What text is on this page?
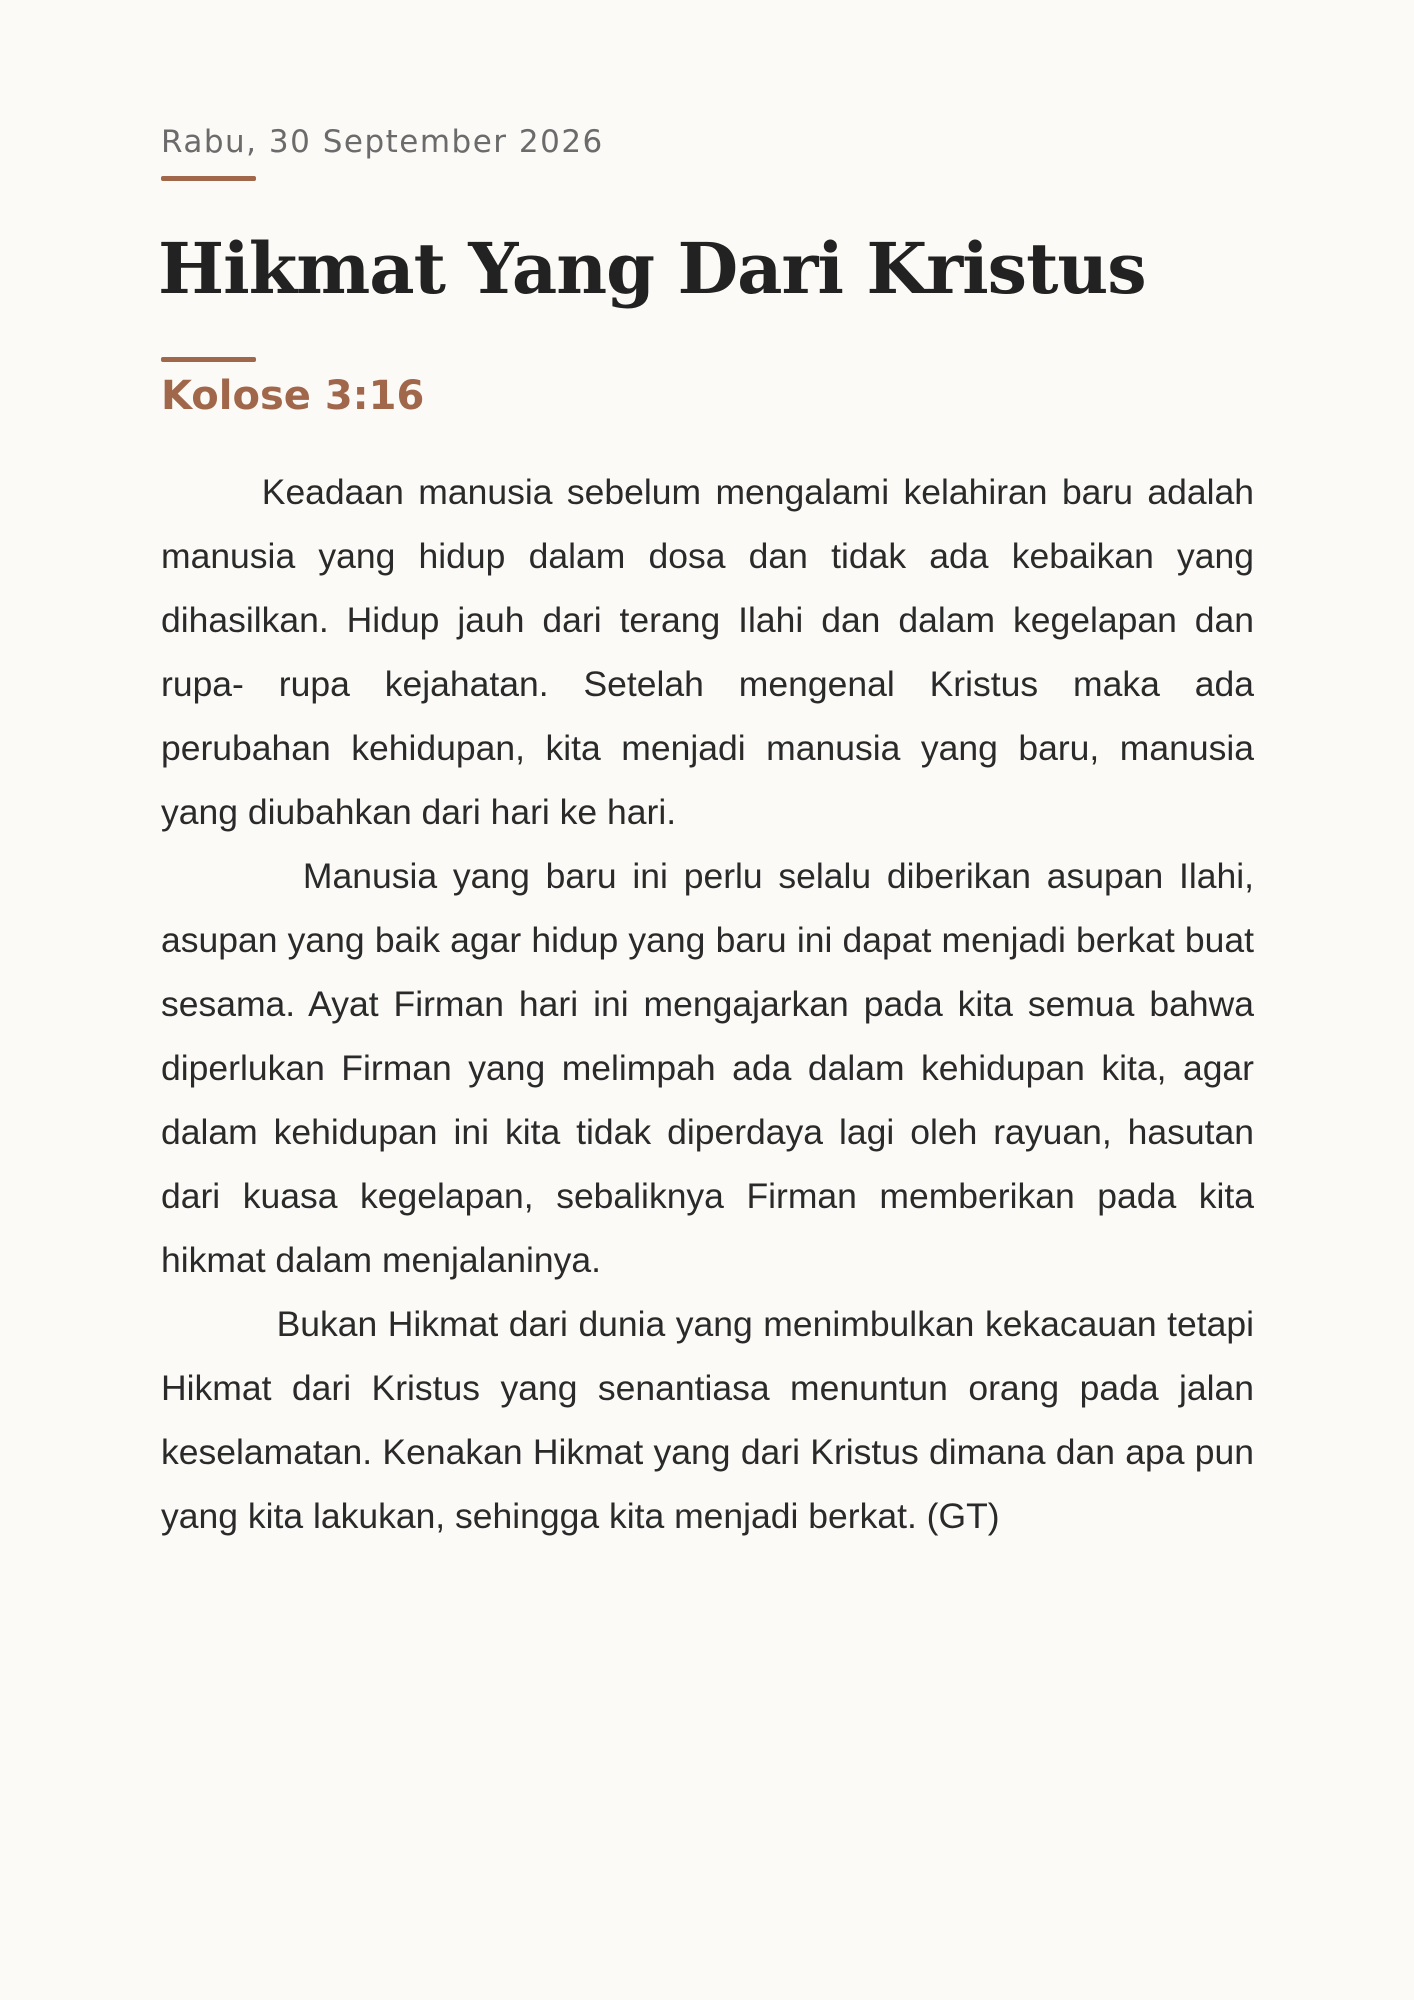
Rabu, 30 September 2026

Hikmat Yang Dari Kristus
Kolose 3:16

Keadaan manusia sebelum mengalami kelahiran baru adalah manusia yang hidup dalam dosa dan tidak ada kebaikan yang dihasilkan. Hidup jauh dari terang Ilahi dan dalam kegelapan dan rupa- rupa kejahatan. Setelah mengenal Kristus maka ada perubahan kehidupan, kita menjadi manusia yang baru, manusia yang diubahkan dari hari ke hari.

Manusia yang baru ini perlu selalu diberikan asupan Ilahi, asupan yang baik agar hidup yang baru ini dapat menjadi berkat buat sesama. Ayat Firman hari ini mengajarkan pada kita semua bahwa diperlukan Firman yang melimpah ada dalam kehidupan kita, agar dalam kehidupan ini kita tidak diperdaya lagi oleh rayuan, hasutan dari kuasa kegelapan, sebaliknya Firman memberikan pada kita hikmat dalam menjalaninya.

Bukan Hikmat dari dunia yang menimbulkan kekacauan tetapi Hikmat dari Kristus yang senantiasa menuntun orang pada jalan keselamatan. Kenakan Hikmat yang dari Kristus dimana dan apa pun yang kita lakukan, sehingga kita menjadi berkat. (GT)
